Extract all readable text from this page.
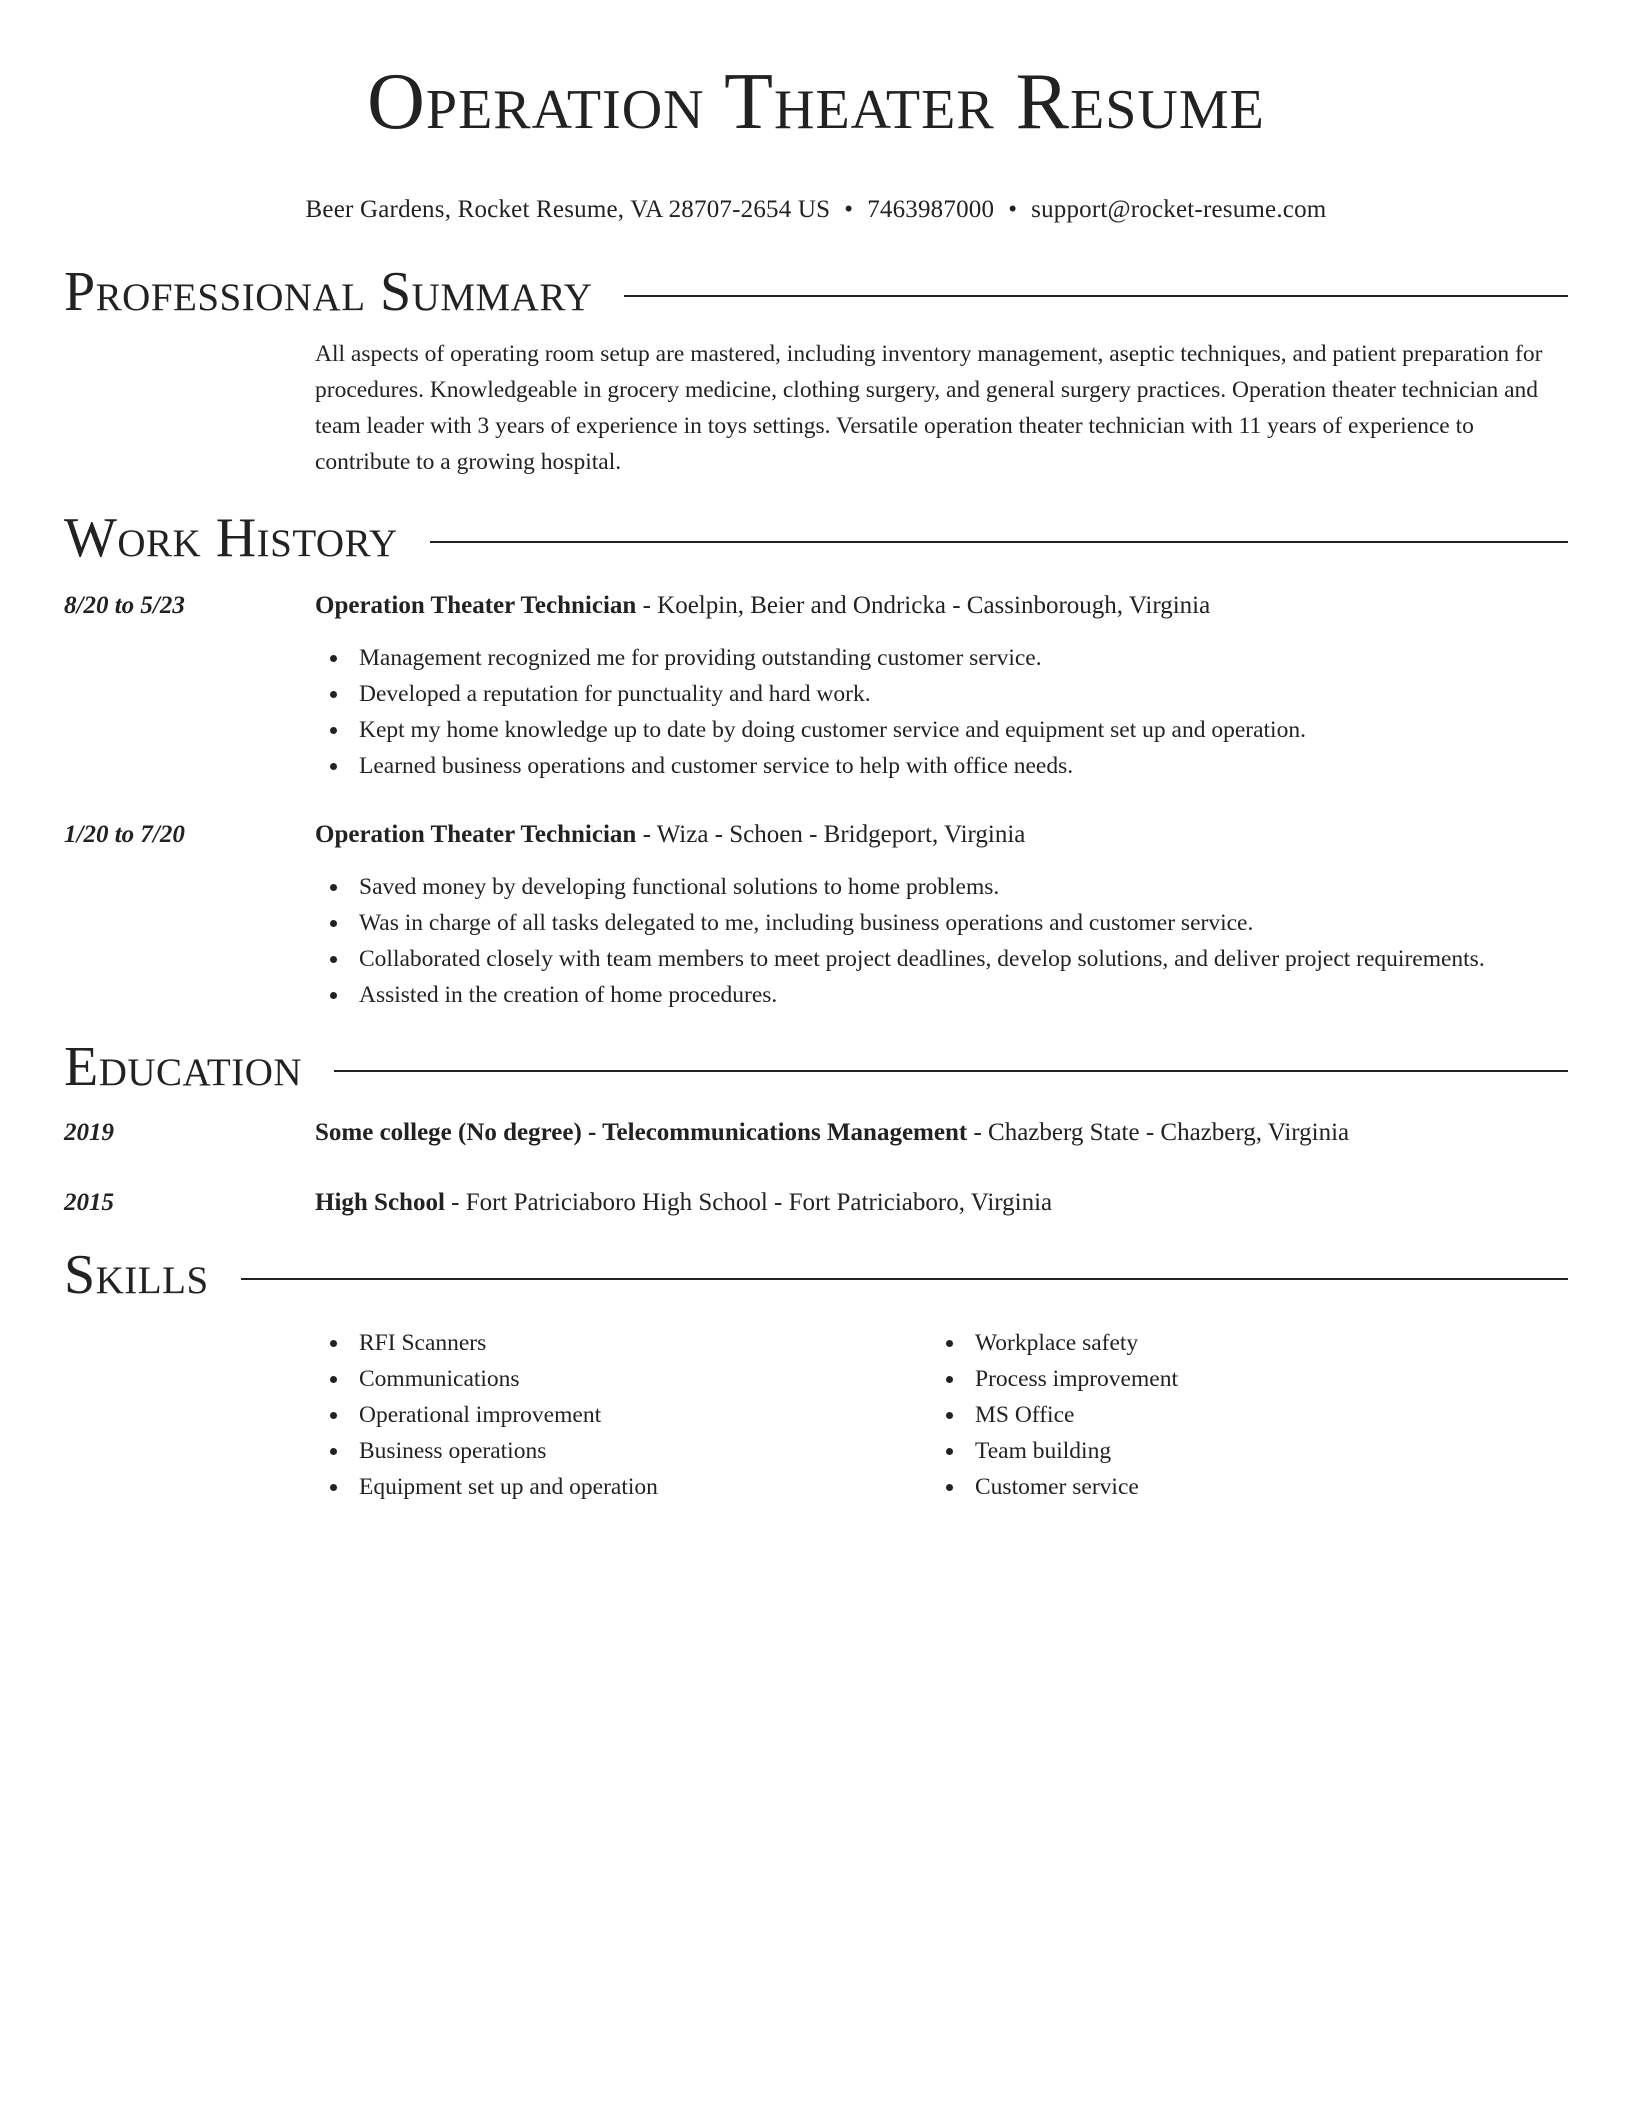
Operation Theater Resume
Beer Gardens, Rocket Resume, VA 28707-2654 US • 7463987000 • support@rocket-resume.com
Professional Summary
All aspects of operating room setup are mastered, including inventory management, aseptic techniques, and patient preparation for procedures. Knowledgeable in grocery medicine, clothing surgery, and general surgery practices. Operation theater technician and team leader with 3 years of experience in toys settings. Versatile operation theater technician with 11 years of experience to contribute to a growing hospital.
Work History
8/20 to 5/23	Operation Theater Technician - Koelpin, Beier and Ondricka - Cassinborough, Virginia
Management recognized me for providing outstanding customer service.
Developed a reputation for punctuality and hard work.
Kept my home knowledge up to date by doing customer service and equipment set up and operation.
Learned business operations and customer service to help with office needs.
1/20 to 7/20	Operation Theater Technician - Wiza - Schoen - Bridgeport, Virginia
Saved money by developing functional solutions to home problems.
Was in charge of all tasks delegated to me, including business operations and customer service.
Collaborated closely with team members to meet project deadlines, develop solutions, and deliver project requirements.
Assisted in the creation of home procedures.
Education
2019	Some college (No degree) - Telecommunications Management - Chazberg State - Chazberg, Virginia
2015	High School - Fort Patriciaboro High School - Fort Patriciaboro, Virginia
Skills
RFI Scanners
Communications
Operational improvement
Business operations
Equipment set up and operation
Workplace safety
Process improvement
MS Office
Team building
Customer service
